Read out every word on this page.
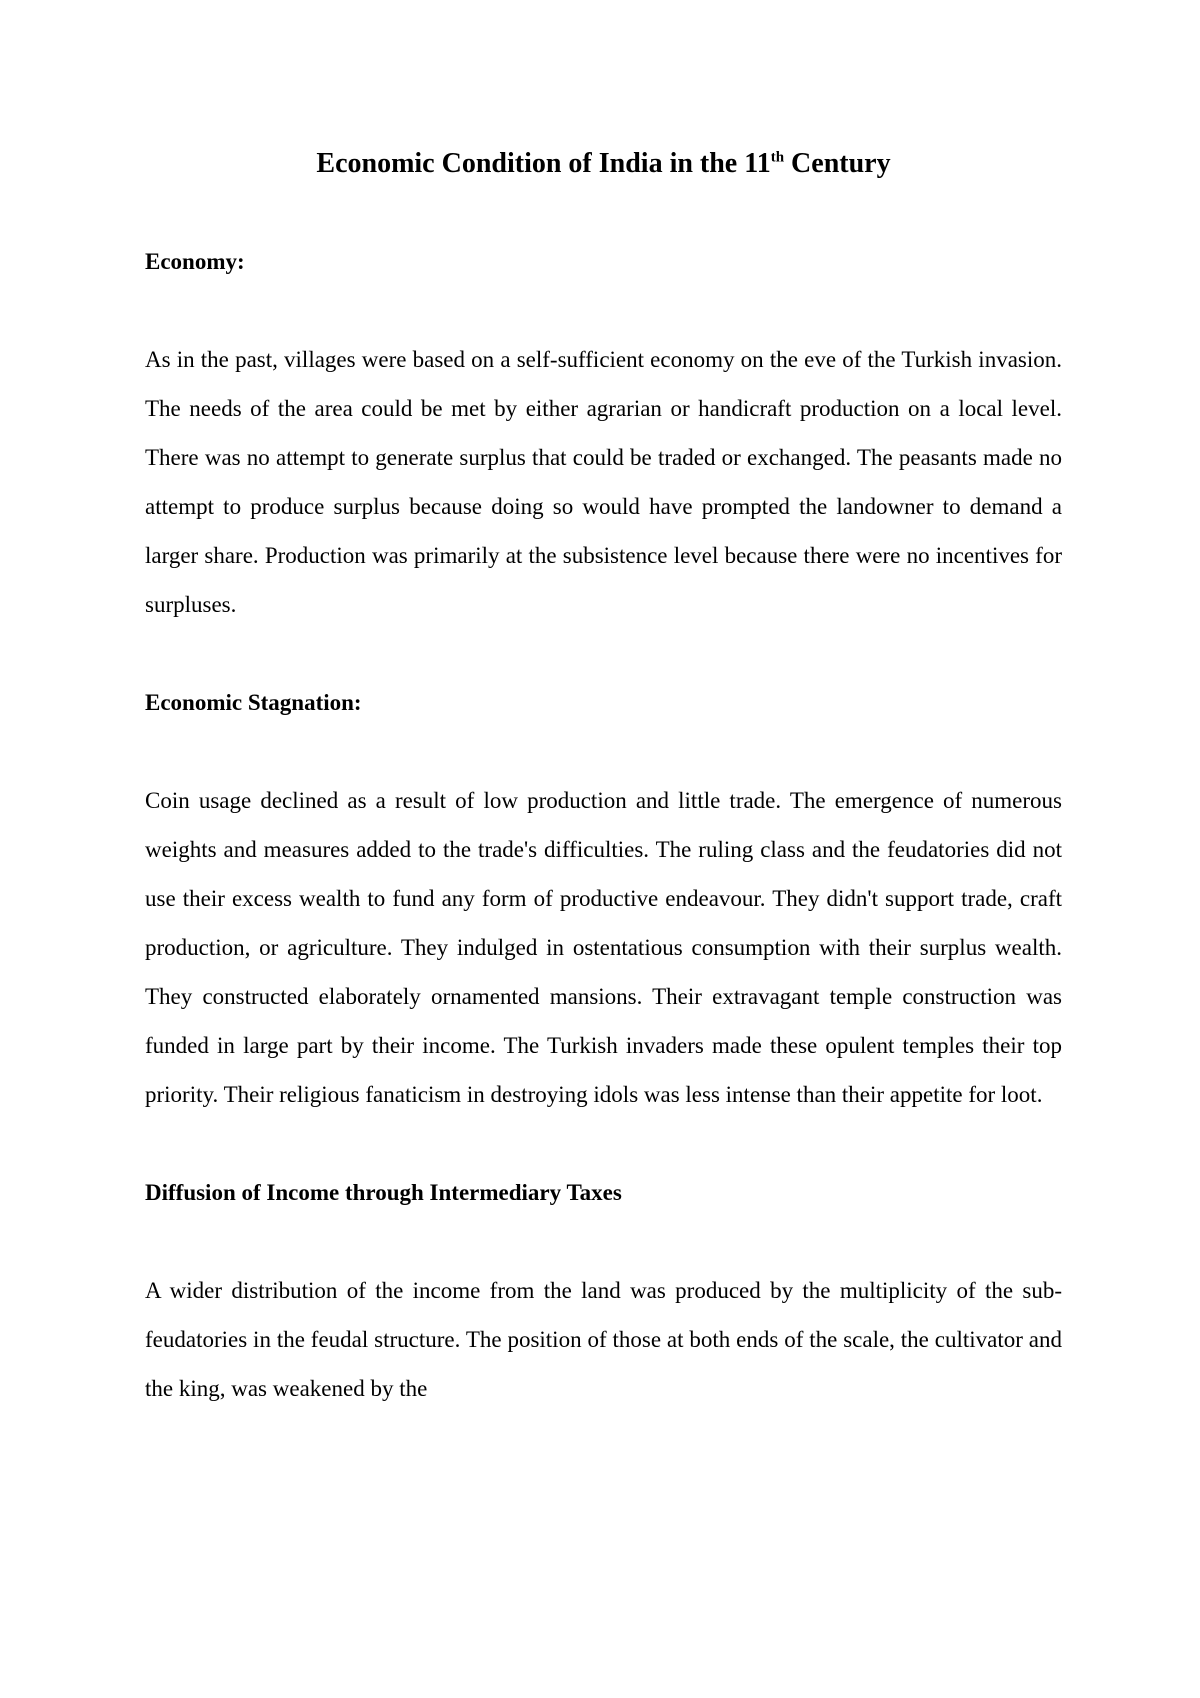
Economic Condition of India in the 11th Century
Economy:

As in the past, villages were based on a self-sufficient economy on the eve of the Turkish invasion. The needs of the area could be met by either agrarian or handicraft production on a local level. There was no attempt to generate surplus that could be traded or exchanged. The peasants made no attempt to produce surplus because doing so would have prompted the landowner to demand a larger share. Production was primarily at the subsistence level because there were no incentives for surpluses.

Economic Stagnation:

Coin usage declined as a result of low production and little trade. The emergence of numerous weights and measures added to the trade's difficulties. The ruling class and the feudatories did not use their excess wealth to fund any form of productive endeavour. They didn't support trade, craft production, or agriculture. They indulged in ostentatious consumption with their surplus wealth. They constructed elaborately ornamented mansions. Their extravagant temple construction was funded in large part by their income. The Turkish invaders made these opulent temples their top priority. Their religious fanaticism in destroying idols was less intense than their appetite for loot.

Diffusion of Income through Intermediary Taxes

A wider distribution of the income from the land was produced by the multiplicity of the sub-feudatories in the feudal structure. The position of those at both ends of the scale, the cultivator and the king, was weakened by the
